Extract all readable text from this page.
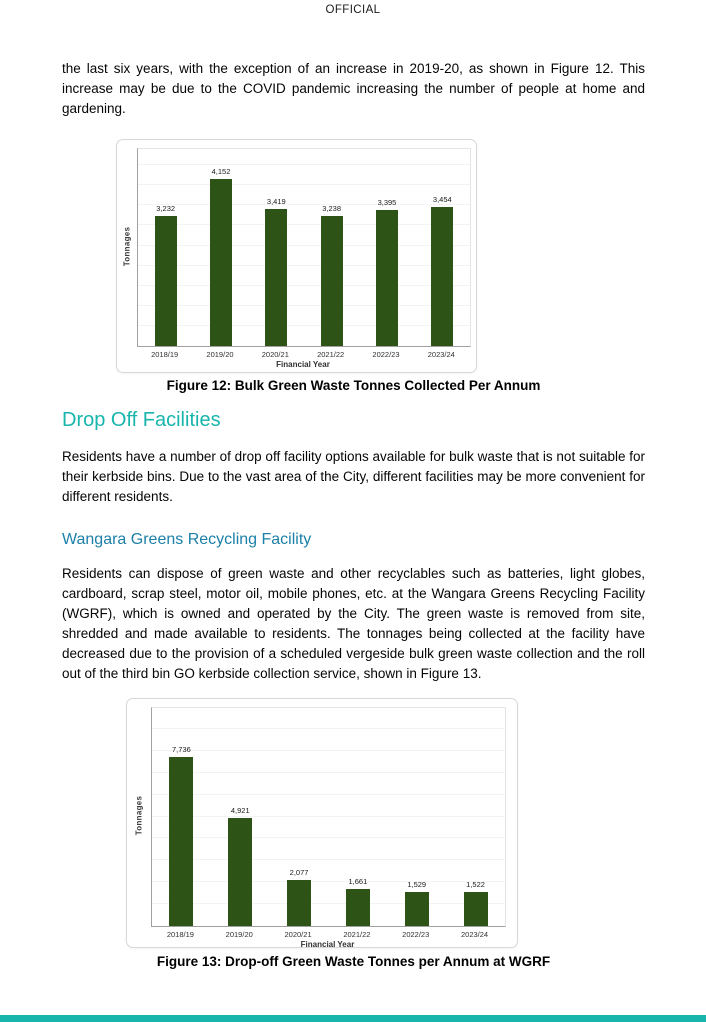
OFFICIAL

the last six years, with the exception of an increase in 2019-20, as shown in Figure 12. This increase may be due to the COVID pandemic increasing the number of people at home and gardening.

Tonnages
3,232
4,152
3,419
3,238
3,395	3,454
2018/19	2019/20	2020/21	2021/22	2022/23	2023/24
Financial Year
Figure 12: Bulk Green Waste Tonnes Collected Per Annum
Drop Off Facilities

Residents have a number of drop off facility options available for bulk waste that is not suitable for their kerbside bins. Due to the vast area of the City, different facilities may be more convenient for different residents.

Wangara Greens Recycling Facility

Residents can dispose of green waste and other recyclables such as batteries, light globes, cardboard, scrap steel, motor oil, mobile phones, etc. at the Wangara Greens Recycling Facility (WGRF), which is owned and operated by the City. The green waste is removed from site, shredded and made available to residents. The tonnages being collected at the facility have decreased due to the provision of a scheduled vergeside bulk green waste collection and the roll out of the third bin GO kerbside collection service, shown in Figure 13.

Tonnages
7,736
4,921
2,077
1,661	1,529	1,522
2018/19	2019/20	2020/21	2021/22	2022/23	2023/24
Financial Year
Figure 13: Drop-off Green Waste Tonnes per Annum at WGRF
